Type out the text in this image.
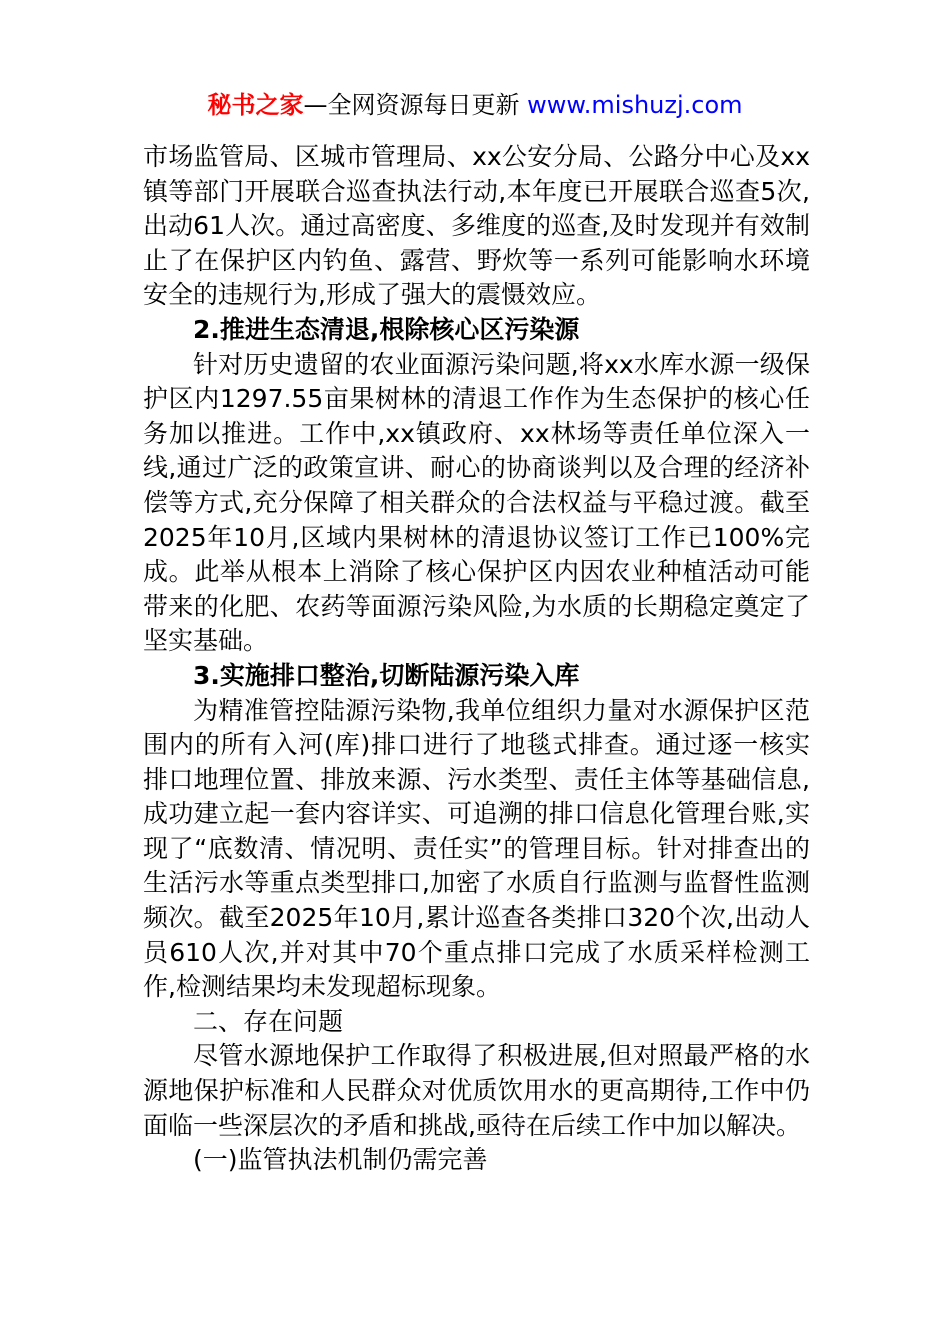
秘书之家—全网资源每日更新 www.mishuzj.com

市场监管局、区城市管理局、xx公安分局、公路分中心及xx镇等部门开展联合巡查执法行动,本年度已开展联合巡查5次,出动61人次。通过高密度、多维度的巡查,及时发现并有效制止了在保护区内钓鱼、露营、野炊等一系列可能影响水环境安全的违规行为,形成了强大的震慑效应。

2.推进生态清退,根除核心区污染源

针对历史遗留的农业面源污染问题,将xx水库水源一级保护区内1297.55亩果树林的清退工作作为生态保护的核心任务加以推进。工作中,xx镇政府、xx林场等责任单位深入一线,通过广泛的政策宣讲、耐心的协商谈判以及合理的经济补偿等方式,充分保障了相关群众的合法权益与平稳过渡。截至2025年10月,区域内果树林的清退协议签订工作已100%完成。此举从根本上消除了核心保护区内因农业种植活动可能带来的化肥、农药等面源污染风险,为水质的长期稳定奠定了坚实基础。

3.实施排口整治,切断陆源污染入库

为精准管控陆源污染物,我单位组织力量对水源保护区范围内的所有入河(库)排口进行了地毯式排查。通过逐一核实排口地理位置、排放来源、污水类型、责任主体等基础信息,成功建立起一套内容详实、可追溯的排口信息化管理台账,实现了“底数清、情况明、责任实”的管理目标。针对排查出的生活污水等重点类型排口,加密了水质自行监测与监督性监测频次。截至2025年10月,累计巡查各类排口320个次,出动人员610人次,并对其中70个重点排口完成了水质采样检测工作,检测结果均未发现超标现象。

二、存在问题

尽管水源地保护工作取得了积极进展,但对照最严格的水源地保护标准和人民群众对优质饮用水的更高期待,工作中仍面临一些深层次的矛盾和挑战,亟待在后续工作中加以解决。

(一)监管执法机制仍需完善
